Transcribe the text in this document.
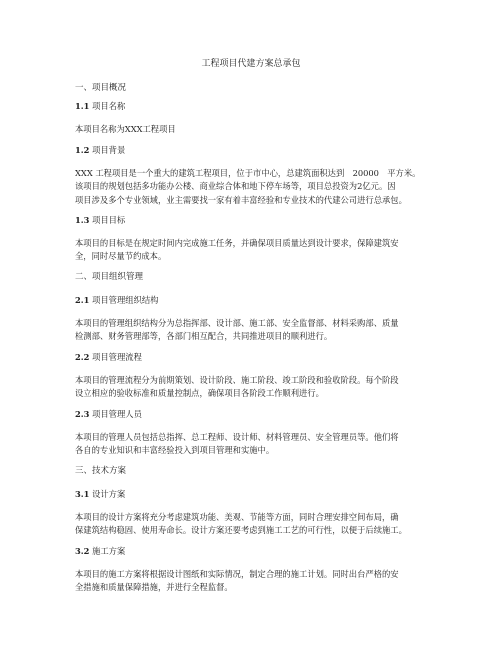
工程项目代建方案总承包
一、项目概况
1.1 项目名称
本项目名称为XXX工程项目
1.2 项目背景
XXX 工程项目是一个重大的建筑工程项目，位于市中心，总建筑面积达到　20000　平方米。
该项目的规划包括多功能办公楼、商业综合体和地下停车场等，项目总投资为2亿元。因
项目涉及多个专业领域，业主需要找一家有着丰富经验和专业技术的代建公司进行总承包。
1.3 项目目标
本项目的目标是在规定时间内完成施工任务，并确保项目质量达到设计要求，保障建筑安
全，同时尽量节约成本。
二、项目组织管理
2.1 项目管理组织结构
本项目的管理组织结构分为总指挥部、设计部、施工部、安全监督部、材料采购部、质量
检测部、财务管理部等，各部门相互配合，共同推进项目的顺利进行。
2.2 项目管理流程
本项目的管理流程分为前期策划、设计阶段、施工阶段、竣工阶段和验收阶段。每个阶段
设立相应的验收标准和质量控制点，确保项目各阶段工作顺利进行。
2.3 项目管理人员
本项目的管理人员包括总指挥、总工程师、设计师、材料管理员、安全管理员等。他们将
各自的专业知识和丰富经验投入到项目管理和实施中。
三、技术方案
3.1 设计方案
本项目的设计方案将充分考虑建筑功能、美观、节能等方面，同时合理安排空间布局，确
保建筑结构稳固、使用寿命长。设计方案还要考虑到施工工艺的可行性，以便于后续施工。
3.2 施工方案
本项目的施工方案将根据设计图纸和实际情况，制定合理的施工计划。同时出台严格的安
全措施和质量保障措施，并进行全程监督。
